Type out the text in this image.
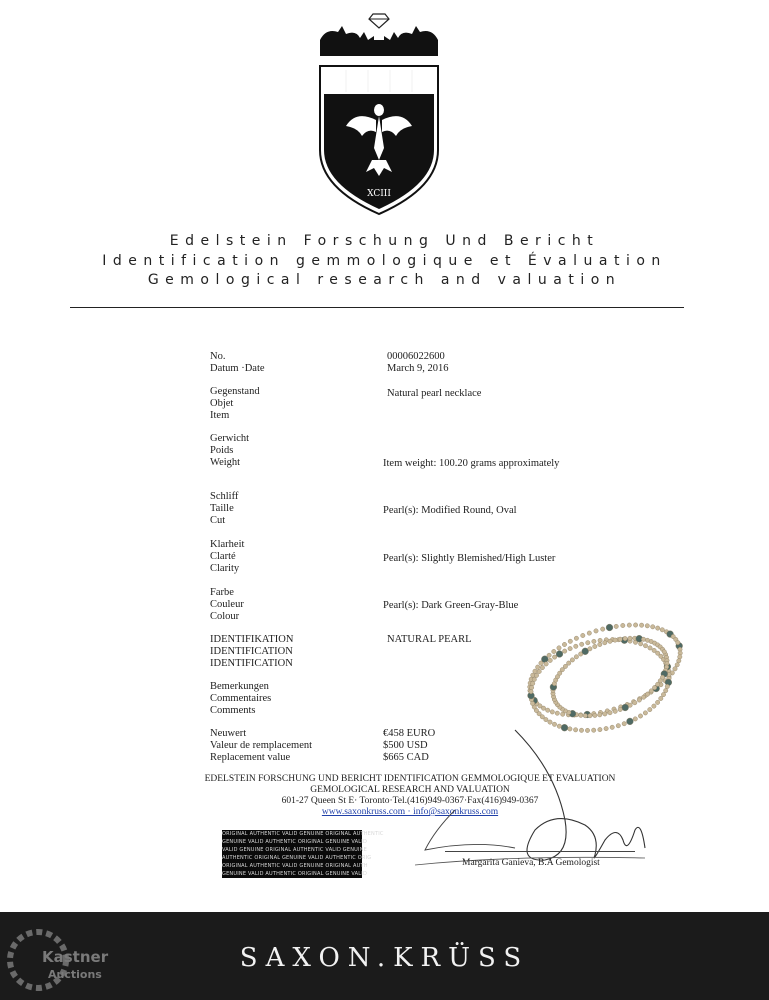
XCIII
Edelstein Forschung Und Bericht
Identification gemmologique et Évaluation
Gemological research and valuation
No.
Datum ·Date
00006022600
March 9, 2016
Gegenstand
Objet
Item
Natural pearl necklace
Gerwicht
Poids
Weight	Item weight: 100.20 grams approximately
Schliff
Taille
Cut
Pearl(s): Modified Round, Oval
Klarheit
Clarté
Clarity
Pearl(s): Slightly Blemished/High Luster
Farbe
Couleur
Colour
Pearl(s): Dark Green-Gray-Blue
IDENTIFIKATION
IDENTIFICATION
IDENTIFICATION
NATURAL PEARL
Bemerkungen
Commentaires
Comments
Neuwert
Valeur de remplacement
Replacement value
€458 EURO
$500 USD
$665 CAD
EDELSTEIN FORSCHUNG UND BERICHT IDENTIFICATION GEMMOLOGIQUE ET EVALUATION
GEMOLOGICAL RESEARCH AND VALUATION
601-27 Queen St E· Toronto·Tel.(416)949-0367·Fax(416)949-0367
www.saxonkruss.com · info@saxonkruss.com
ORIGINAL AUTHENTIC VALID GENUINE ORIGINAL AUTHENTIC
GENUINE VALID AUTHENTIC ORIGINAL GENUINE VALID
VALID GENUINE ORIGINAL AUTHENTIC VALID GENUINE
AUTHENTIC ORIGINAL GENUINE VALID AUTHENTIC ORIG
ORIGINAL AUTHENTIC VALID GENUINE ORIGINAL AUTH
GENUINE VALID AUTHENTIC ORIGINAL GENUINE VALID
Margarita Ganieva, B.A Gemologist
SAXON.KRÜSS
Kastner
Auctions
